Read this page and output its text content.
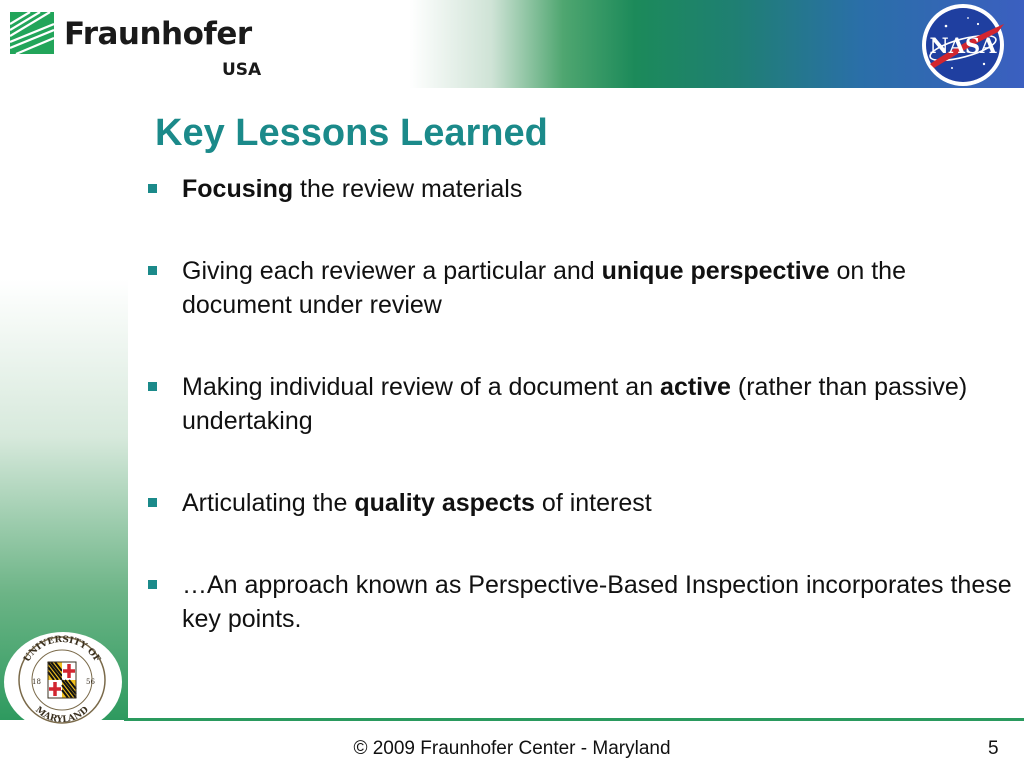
Fraunhofer
USA
NASA
Key Lessons Learned
Focusing the review materials
Giving each reviewer a particular and unique perspective on the document under review
Making individual review of a document an active (rather than passive) undertaking
Articulating the quality aspects of interest
…An approach known as Perspective-Based Inspection incorporates these key points.
UNIVERSITY OF
MARYLAND
18	56
© 2009 Fraunhofer Center - Maryland	5
